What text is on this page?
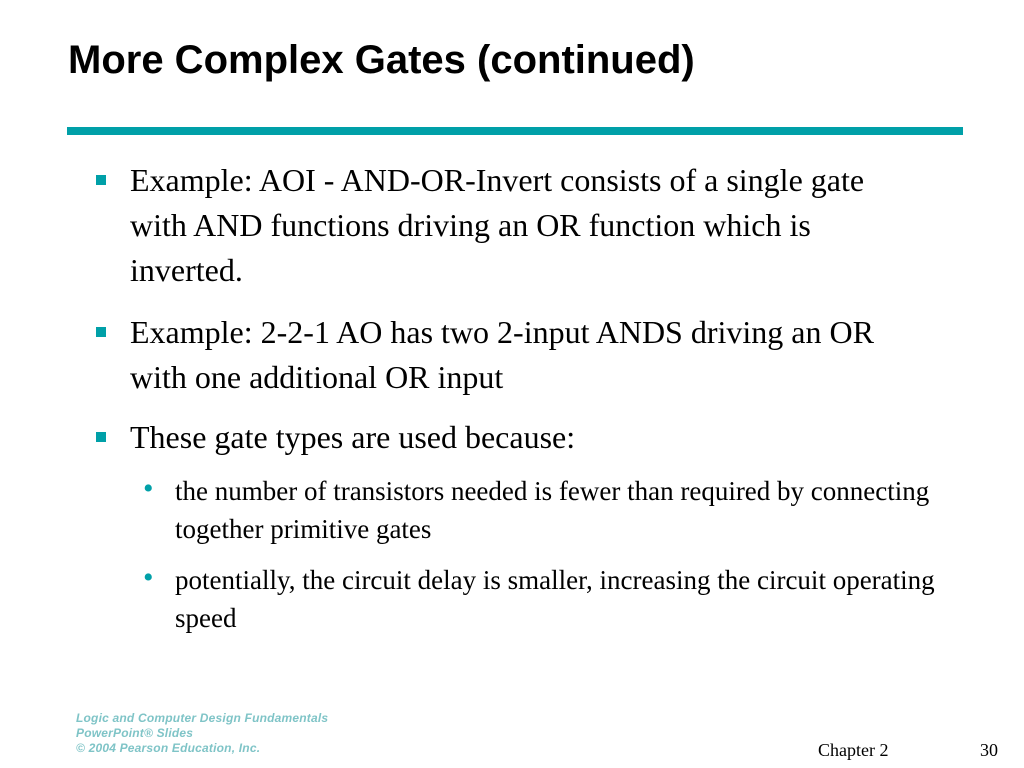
More Complex Gates (continued)
Example: AOI - AND-OR-Invert consists of a single gate with AND functions driving an OR function which is inverted.
Example: 2-2-1 AO has two 2-input ANDS driving an OR with one additional OR input
These gate types are used because:
• the number of transistors needed is fewer than required by connecting together primitive gates
• potentially, the circuit delay is smaller, increasing the circuit operating speed
Logic and Computer Design Fundamentals
PowerPoint® Slides
© 2004 Pearson Education, Inc.	Chapter 2	30
